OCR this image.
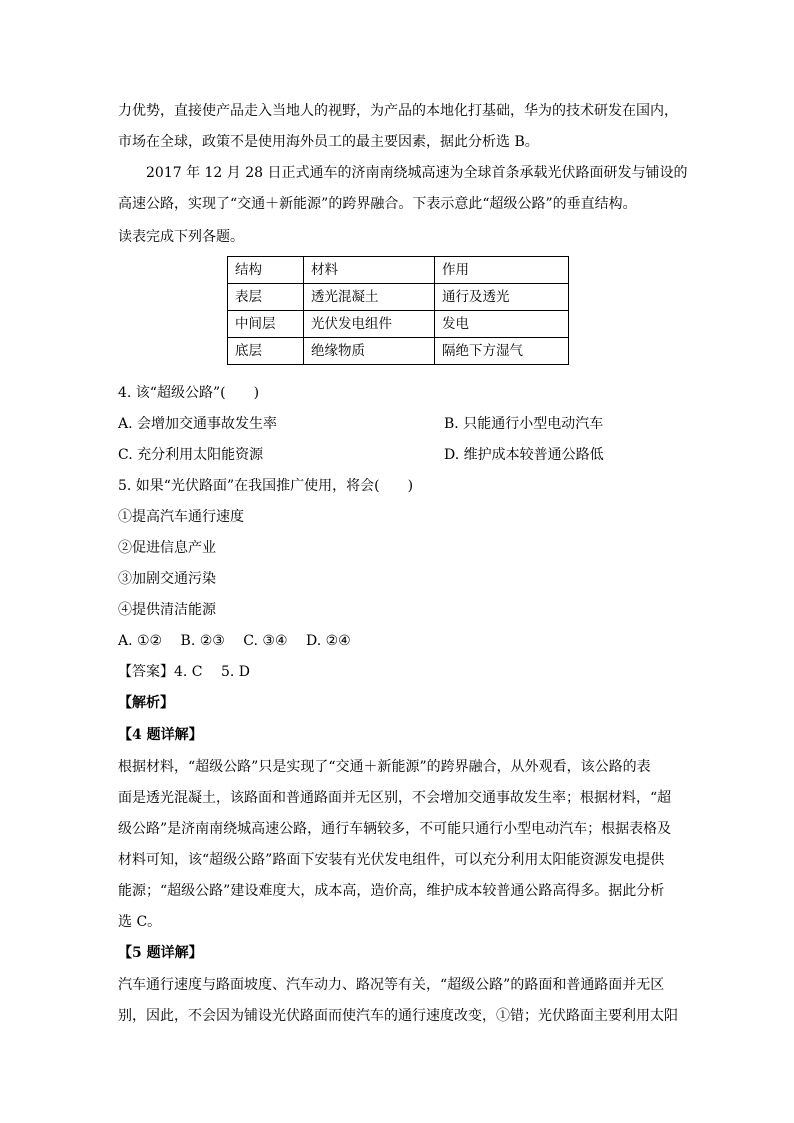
力优势，直接使产品走入当地人的视野，为产品的本地化打基础，华为的技术研发在国内，
市场在全球，政策不是使用海外员工的最主要因素，据此分析选 B。
2017 年 12 月 28 日正式通车的济南南绕城高速为全球首条承载光伏路面研发与铺设的
高速公路，实现了“交通＋新能源”的跨界融合。下表示意此“超级公路”的垂直结构。
读表完成下列各题。
结构	材料	作用
表层	透光混凝土	通行及透光
中间层	光伏发电组件	发电
底层	绝缘物质	隔绝下方湿气
4. 该“超级公路”(　　)
A. 会增加交通事故发生率	B. 只能通行小型电动汽车
C. 充分利用太阳能资源	D. 维护成本较普通公路低
5. 如果“光伏路面”在我国推广使用，将会(　　)
①提高汽车通行速度
②促进信息产业
③加剧交通污染
④提供清洁能源
A. ①②　 B. ②③　 C. ③④　 D. ②④
【答案】4. C　 5. D
【解析】
【4 题详解】
根据材料，“超级公路”只是实现了“交通＋新能源”的跨界融合，从外观看，该公路的表
面是透光混凝土，该路面和普通路面并无区别，不会增加交通事故发生率；根据材料，“超
级公路”是济南南绕城高速公路，通行车辆较多，不可能只通行小型电动汽车；根据表格及
材料可知，该“超级公路”路面下安装有光伏发电组件，可以充分利用太阳能资源发电提供
能源；“超级公路”建设难度大，成本高，造价高，维护成本较普通公路高得多。据此分析
选 C。
【5 题详解】
汽车通行速度与路面坡度、汽车动力、路况等有关，“超级公路”的路面和普通路面并无区
别，因此，不会因为铺设光伏路面而使汽车的通行速度改变，①错；光伏路面主要利用太阳
